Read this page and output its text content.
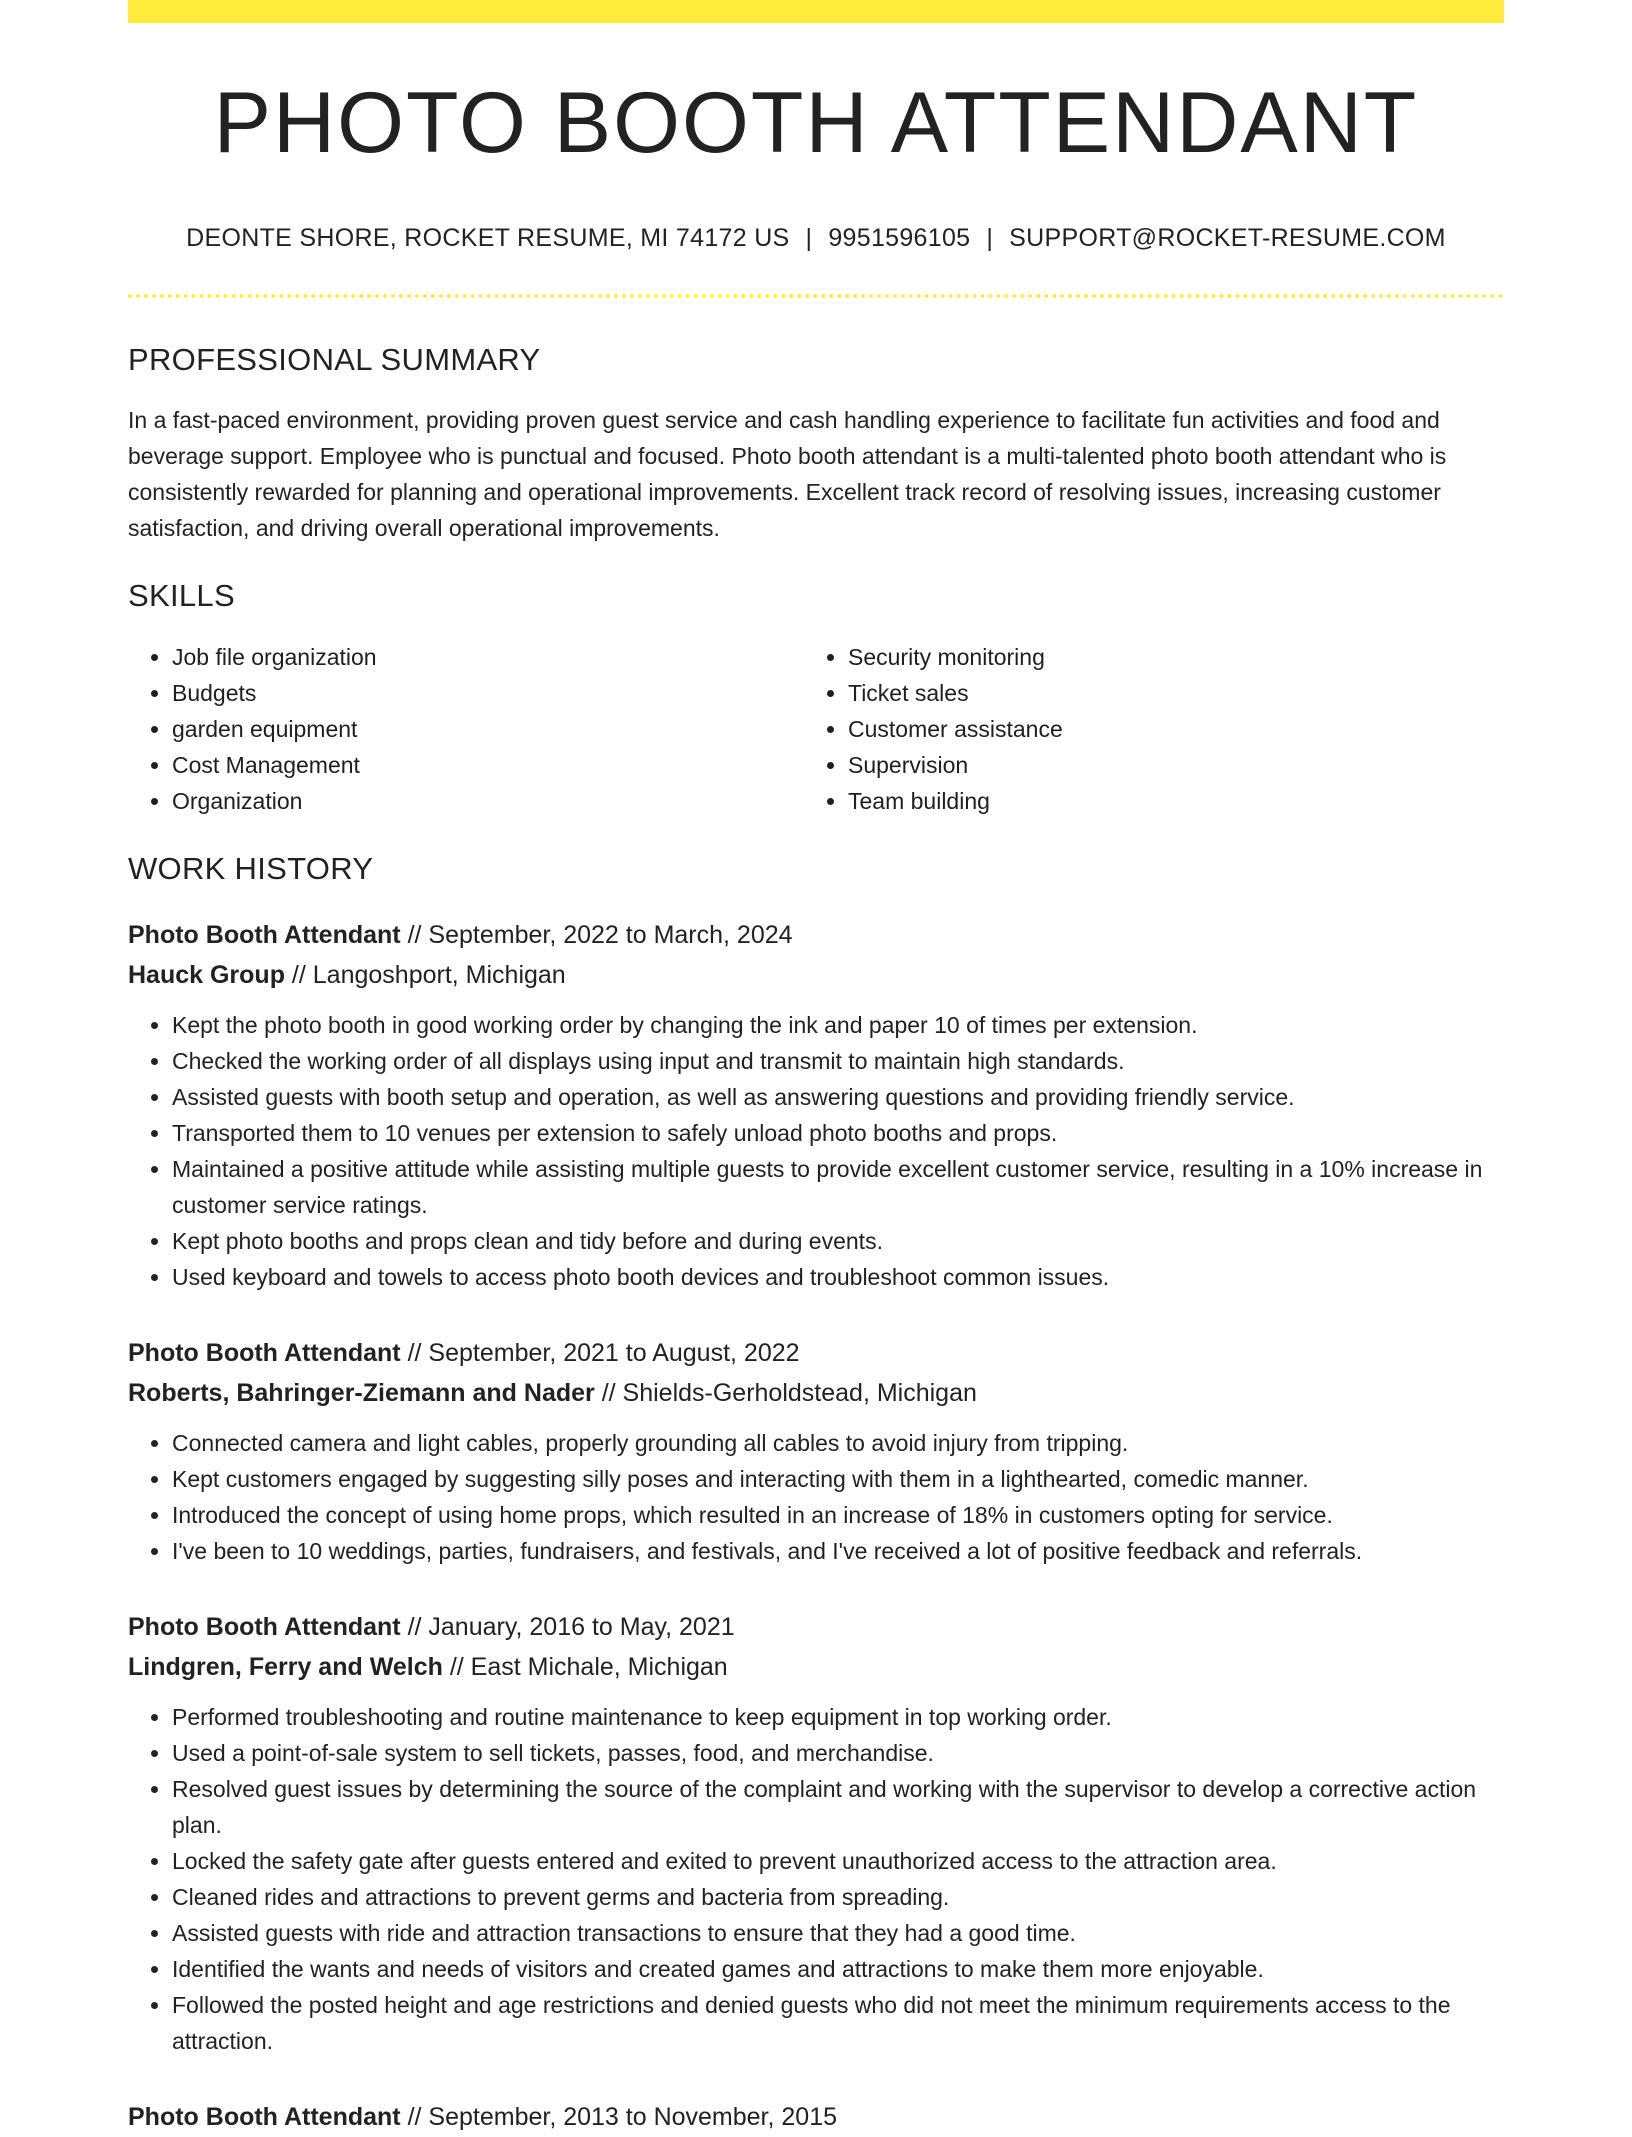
PHOTO BOOTH ATTENDANT
DEONTE SHORE, ROCKET RESUME, MI 74172 US | 9951596105 | SUPPORT@ROCKET-RESUME.COM
PROFESSIONAL SUMMARY

In a fast-paced environment, providing proven guest service and cash handling experience to facilitate fun activities and food and beverage support. Employee who is punctual and focused. Photo booth attendant is a multi-talented photo booth attendant who is consistently rewarded for planning and operational improvements. Excellent track record of resolving issues, increasing customer satisfaction, and driving overall operational improvements.

SKILLS
• Job file organization
• Budgets
• garden equipment
• Cost Management
• Organization
• Security monitoring
• Ticket sales
• Customer assistance
• Supervision
• Team building
WORK HISTORY
Photo Booth Attendant // September, 2022 to March, 2024
Hauck Group // Langoshport, Michigan
• Kept the photo booth in good working order by changing the ink and paper 10 of times per extension.
• Checked the working order of all displays using input and transmit to maintain high standards.
• Assisted guests with booth setup and operation, as well as answering questions and providing friendly service.
• Transported them to 10 venues per extension to safely unload photo booths and props.
• Maintained a positive attitude while assisting multiple guests to provide excellent customer service, resulting in a 10% increase in customer service ratings.
• Kept photo booths and props clean and tidy before and during events.
• Used keyboard and towels to access photo booth devices and troubleshoot common issues.
Photo Booth Attendant // September, 2021 to August, 2022
Roberts, Bahringer-Ziemann and Nader // Shields-Gerholdstead, Michigan
• Connected camera and light cables, properly grounding all cables to avoid injury from tripping.
• Kept customers engaged by suggesting silly poses and interacting with them in a lighthearted, comedic manner.
• Introduced the concept of using home props, which resulted in an increase of 18% in customers opting for service.
• I've been to 10 weddings, parties, fundraisers, and festivals, and I've received a lot of positive feedback and referrals.
Photo Booth Attendant // January, 2016 to May, 2021
Lindgren, Ferry and Welch // East Michale, Michigan
• Performed troubleshooting and routine maintenance to keep equipment in top working order.
• Used a point-of-sale system to sell tickets, passes, food, and merchandise.
• Resolved guest issues by determining the source of the complaint and working with the supervisor to develop a corrective action plan.
• Locked the safety gate after guests entered and exited to prevent unauthorized access to the attraction area.
• Cleaned rides and attractions to prevent germs and bacteria from spreading.
• Assisted guests with ride and attraction transactions to ensure that they had a good time.
• Identified the wants and needs of visitors and created games and attractions to make them more enjoyable.
• Followed the posted height and age restrictions and denied guests who did not meet the minimum requirements access to the attraction.
Photo Booth Attendant // September, 2013 to November, 2015
